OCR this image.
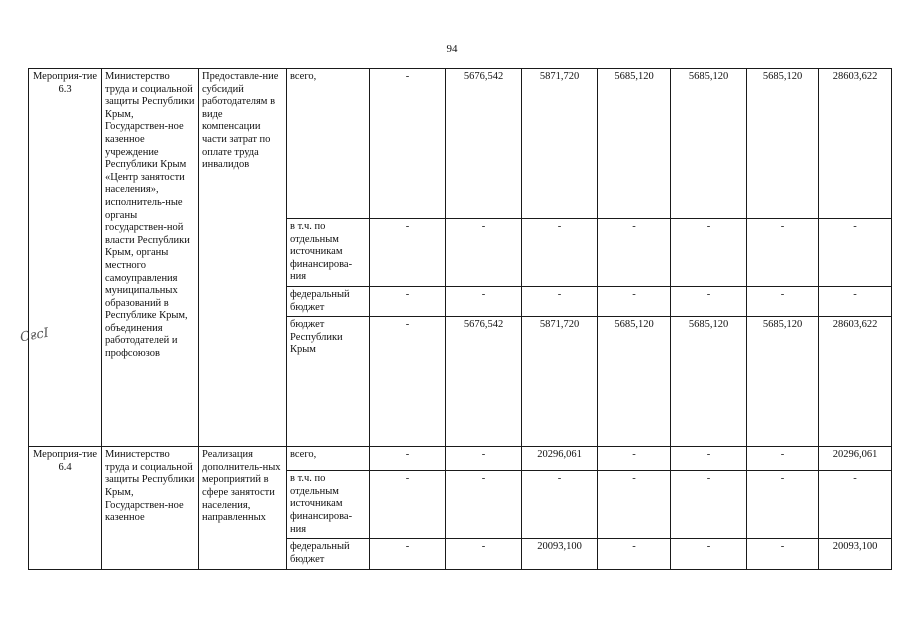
94
СғсІ
Мероприя-тие 6.3	Министерство труда и социальной защиты Республики Крым, Государствен-ное казенное учреждение Республики Крым «Центр занятости населения», исполнитель-ные органы государствен-ной власти Республики Крым, органы местного самоуправления муниципальных образований в Республике Крым, объединения работодателей и профсоюзов	Предоставле-ние субсидий работодателям в виде компенсации части затрат по оплате труда инвалидов	всего,	-	5676,542	5871,720	5685,120	5685,120	5685,120	28603,622
			в т.ч. по отдельным источникам финансирова-ния	-	-	-	-	-	-	-
			федеральный бюджет	-	-	-	-	-	-	-
			бюджет Республики Крым	-	5676,542	5871,720	5685,120	5685,120	5685,120	28603,622
Мероприя-тие 6.4	Министерство труда и социальной защиты Республики Крым, Государствен-ное казенное	Реализация дополнитель-ных мероприятий в сфере занятости населения, направленных	всего,	-	-	20296,061	-	-	-	20296,061
			в т.ч. по отдельным источникам финансирова-ния	-	-	-	-	-	-	-
			федеральный бюджет	-	-	20093,100	-	-	-	20093,100
